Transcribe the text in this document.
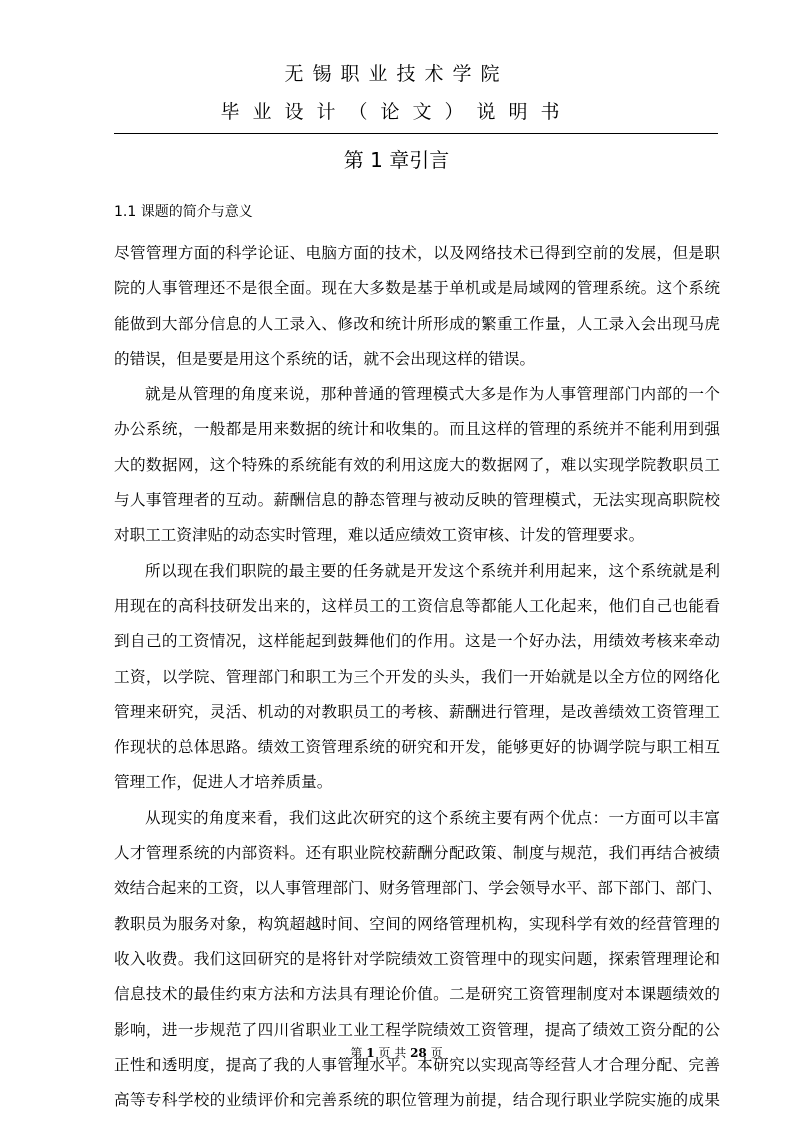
无锡职业技术学院
毕业设计（论文）说明书
第 1 章引言
1.1 课题的简介与意义
尽管管理方面的科学论证、电脑方面的技术，以及网络技术已得到空前的发展，但是职
院的人事管理还不是很全面。现在大多数是基于单机或是局域网的管理系统。这个系统
能做到大部分信息的人工录入、修改和统计所形成的繁重工作量，人工录入会出现马虎
的错误，但是要是用这个系统的话，就不会出现这样的错误。
就是从管理的角度来说，那种普通的管理模式大多是作为人事管理部门内部的一个
办公系统，一般都是用来数据的统计和收集的。而且这样的管理的系统并不能利用到强
大的数据网，这个特殊的系统能有效的利用这庞大的数据网了，难以实现学院教职员工
与人事管理者的互动。薪酬信息的静态管理与被动反映的管理模式，无法实现高职院校
对职工工资津贴的动态实时管理，难以适应绩效工资审核、计发的管理要求。
所以现在我们职院的最主要的任务就是开发这个系统并利用起来，这个系统就是利
用现在的高科技研发出来的，这样员工的工资信息等都能人工化起来，他们自己也能看
到自己的工资情况，这样能起到鼓舞他们的作用。这是一个好办法，用绩效考核来牵动
工资，以学院、管理部门和职工为三个开发的头头，我们一开始就是以全方位的网络化
管理来研究，灵活、机动的对教职员工的考核、薪酬进行管理，是改善绩效工资管理工
作现状的总体思路。绩效工资管理系统的研究和开发，能够更好的协调学院与职工相互
管理工作，促进人才培养质量。
从现实的角度来看，我们这此次研究的这个系统主要有两个优点：一方面可以丰富
人才管理系统的内部资料。还有职业院校薪酬分配政策、制度与规范，我们再结合被绩
效结合起来的工资，以人事管理部门、财务管理部门、学会领导水平、部下部门、部门、
教职员为服务对象，构筑超越时间、空间的网络管理机构，实现科学有效的经营管理的
收入收费。我们这回研究的是将针对学院绩效工资管理中的现实问题，探索管理理论和
信息技术的最佳约束方法和方法具有理论价值。二是研究工资管理制度对本课题绩效的
影响，进一步规范了四川省职业工业工程学院绩效工资管理，提高了绩效工资分配的公
正性和透明度，提高了我的人事管理水平。本研究以实现高等经营人才合理分配、完善
高等专科学校的业绩评价和完善系统的职位管理为前提，结合现行职业学院实施的成果
第 1 页 共 28 页
